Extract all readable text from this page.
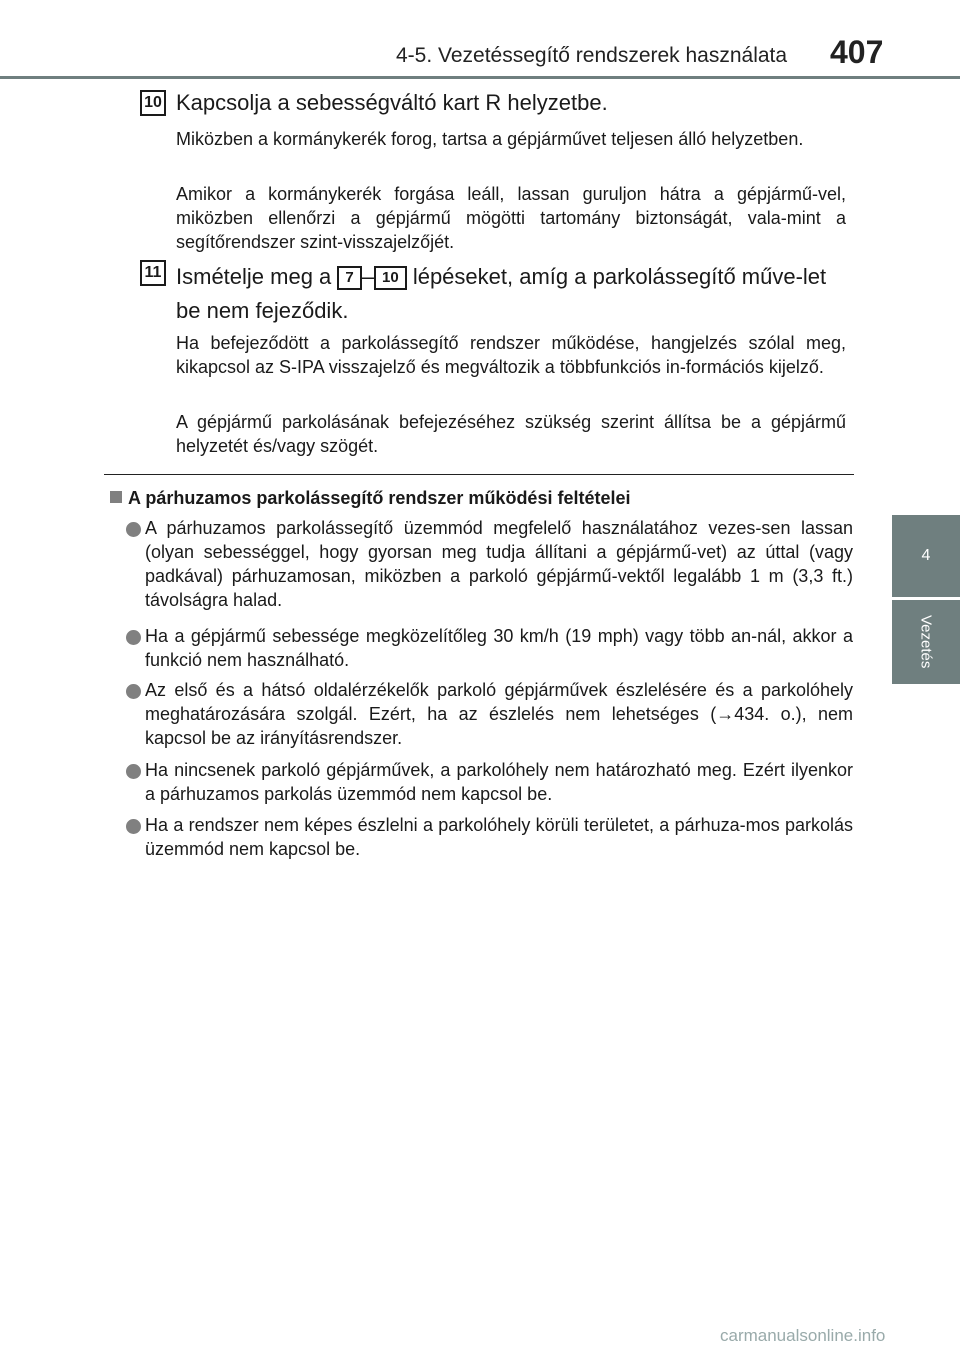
4-5. Vezetéssegítő rendszerek használata 407
4
Vezetés
10 Kapcsolja a sebességváltó kart R helyzetbe.
Miközben a kormánykerék forog, tartsa a gépjárművet teljesen álló helyzetben.
Amikor a kormánykerék forgása leáll, lassan guruljon hátra a gépjármű-vel, miközben ellenőrzi a gépjármű mögötti tartomány biztonságát, vala-mint a segítőrendszer szint-visszajelzőjét.
11 Ismételje meg a 7 – 10 lépéseket, amíg a parkolássegítő műve-let be nem fejeződik.
Ha befejeződött a parkolássegítő rendszer működése, hangjelzés szólal meg, kikapcsol az S-IPA visszajelző és megváltozik a többfunkciós in-formációs kijelző.
A gépjármű parkolásának befejezéséhez szükség szerint állítsa be a gépjármű helyzetét és/vagy szögét.
A párhuzamos parkolássegítő rendszer működési feltételei
A párhuzamos parkolássegítő üzemmód megfelelő használatához vezes-sen lassan (olyan sebességgel, hogy gyorsan meg tudja állítani a gépjármű-vet) az úttal (vagy padkával) párhuzamosan, miközben a parkoló gépjármű-vektől legalább 1 m (3,3 ft.) távolságra halad.
Ha a gépjármű sebessége megközelítőleg 30 km/h (19 mph) vagy több an-nál, akkor a funkció nem használható.
Az első és a hátsó oldalérzékelők parkoló gépjárművek észlelésére és a parkolóhely meghatározására szolgál. Ezért, ha az észlelés nem lehetséges (→434. o.), nem kapcsol be az irányításrendszer.
Ha nincsenek parkoló gépjárművek, a parkolóhely nem határozható meg. Ezért ilyenkor a párhuzamos parkolás üzemmód nem kapcsol be.
Ha a rendszer nem képes észlelni a parkolóhely körüli területet, a párhuza-mos parkolás üzemmód nem kapcsol be.
carmanualsonline.info
